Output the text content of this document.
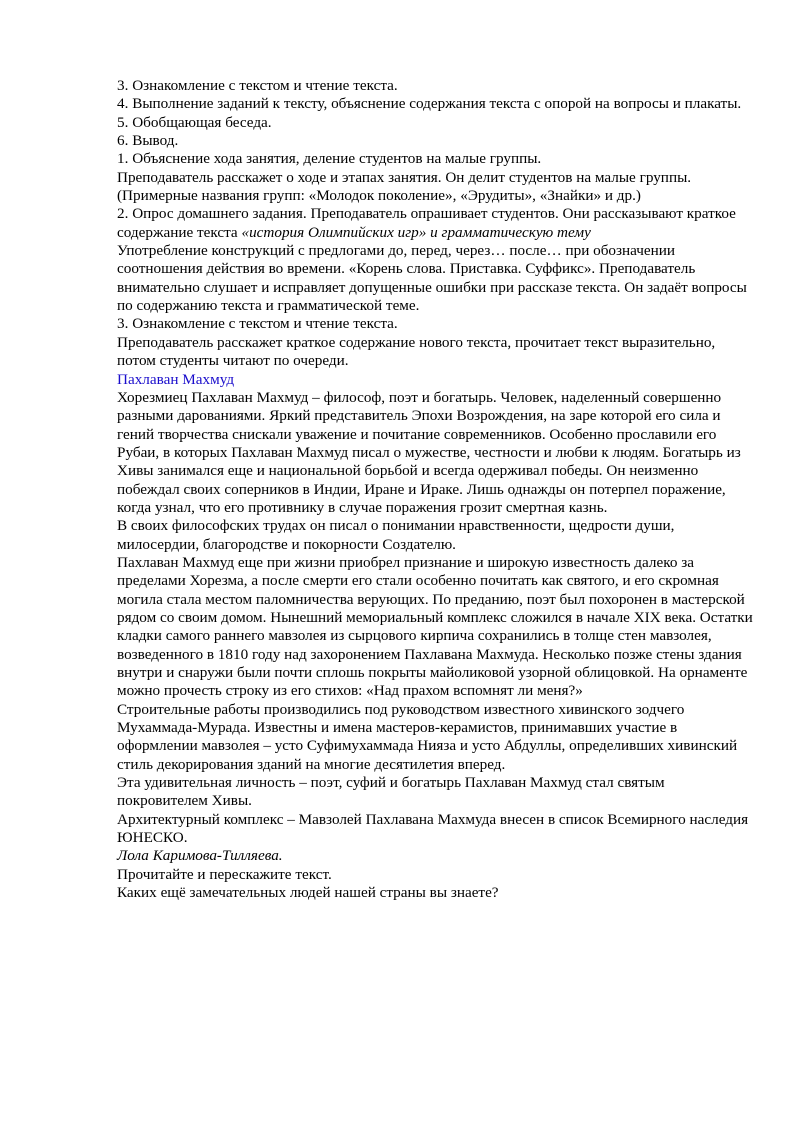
3. Ознакомление с текстом и чтение текста.

4. Выполнение заданий к тексту, объяснение содержания текста с опорой на вопросы и плакаты.

5. Обобщающая беседа.

6. Вывод.

1. Объяснение хода занятия, деление студентов на малые группы.

Преподаватель расскажет о ходе и этапах занятия. Он делит студентов на малые группы. (Примерные названия групп: «Молодок поколение», «Эрудиты», «Знайки» и др.)

2. Опрос домашнего задания. Преподаватель опрашивает студентов. Они рассказывают краткое содержание текста «история Олимпийских игр» и грамматическую тему

Употребление конструкций с предлогами до, перед, через… после… при обозначении соотношения действия во времени. «Корень слова. Приставка. Суффикс». Преподаватель внимательно слушает и исправляет допущенные ошибки при рассказе текста. Он задаёт вопросы по содержанию текста и грамматической теме.

3. Ознакомление с текстом и чтение текста.

Преподаватель расскажет краткое содержание нового текста, прочитает текст выразительно, потом студенты читают по очереди.

Пахлаван Махмуд

Хорезмиец Пахлаван Махмуд – философ, поэт и богатырь. Человек, наделенный совершенно разными дарованиями. Яркий представитель Эпохи Возрождения, на заре которой его сила и гений творчества снискали уважение и почитание современников. Особенно прославили его Рубаи, в которых Пахлаван Махмуд писал о мужестве, честности и любви к людям. Богатырь из Хивы занимался еще и национальной борьбой и всегда одерживал победы. Он неизменно побеждал своих соперников в Индии, Иране и Ираке. Лишь однажды он потерпел поражение, когда узнал, что его противнику в случае поражения грозит смертная казнь.

В своих философских трудах он писал о понимании нравственности, щедрости души, милосердии, благородстве и покорности Создателю.

Пахлаван Махмуд еще при жизни приобрел признание и широкую известность далеко за пределами Хорезма, а после смерти его стали особенно почитать как святого, и его скромная могила стала местом паломничества верующих. По преданию, поэт был похоронен в мастерской рядом со своим домом. Нынешний мемориальный комплекс сложился в начале XIX века. Остатки кладки самого раннего мавзолея из сырцового кирпича сохранились в толще стен мавзолея, возведенного в 1810 году над захоронением Пахлавана Махмуда. Несколько позже стены здания внутри и снаружи были почти сплошь покрыты майоликовой узорной облицовкой. На орнаменте можно прочесть строку из его стихов: «Над прахом вспомнят ли меня?»

Строительные работы производились под руководством известного хивинского зодчего Мухаммада-Мурада. Известны и имена мастеров-керамистов, принимавших участие в оформлении мавзолея – усто Суфимухаммада Нияза и усто Абдуллы, определивших хивинский стиль декорирования зданий на многие десятилетия вперед.

Эта удивительная личность – поэт, суфий и богатырь Пахлаван Махмуд стал святым покровителем Хивы.

Архитектурный комплекс – Мавзолей Пахлавана Махмуда внесен в список Всемирного наследия ЮНЕСКО.

Лола Каримова-Тилляева.

Прочитайте и перескажите текст.

Каких ещё замечательных людей нашей страны вы знаете?
